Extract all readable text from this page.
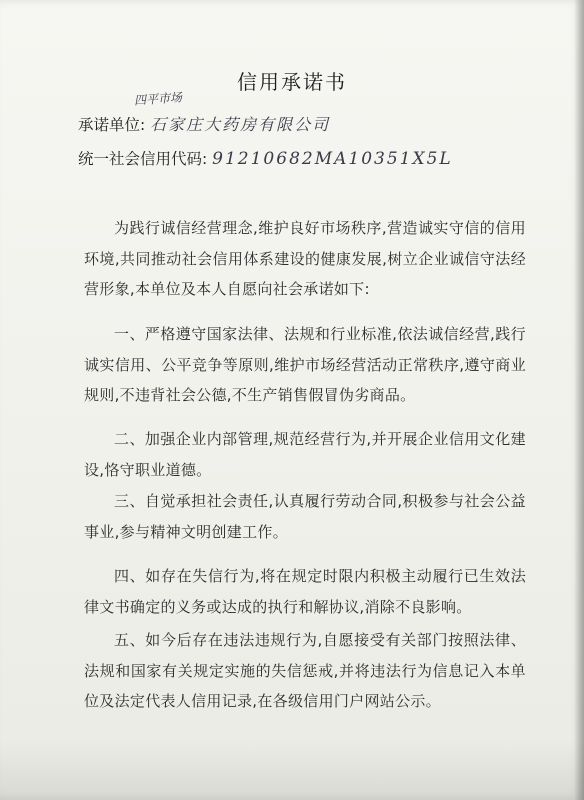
信用承诺书
四平市场
承诺单位: 石家庄大药房有限公司
统一社会信用代码: 91210682MA10351X5L
为践行诚信经营理念,维护良好市场秩序,营造诚实守信的信用环境,共同推动社会信用体系建设的健康发展,树立企业诚信守法经营形象,本单位及本人自愿向社会承诺如下:
一、严格遵守国家法律、法规和行业标准,依法诚信经营,践行诚实信用、公平竞争等原则,维护市场经营活动正常秩序,遵守商业规则,不违背社会公德,不生产销售假冒伪劣商品。
二、加强企业内部管理,规范经营行为,并开展企业信用文化建设,恪守职业道德。
三、自觉承担社会责任,认真履行劳动合同,积极参与社会公益事业,参与精神文明创建工作。
四、如存在失信行为,将在规定时限内积极主动履行已生效法律文书确定的义务或达成的执行和解协议,消除不良影响。
五、如今后存在违法违规行为,自愿接受有关部门按照法律、法规和国家有关规定实施的失信惩戒,并将违法行为信息记入本单位及法定代表人信用记录,在各级信用门户网站公示。
